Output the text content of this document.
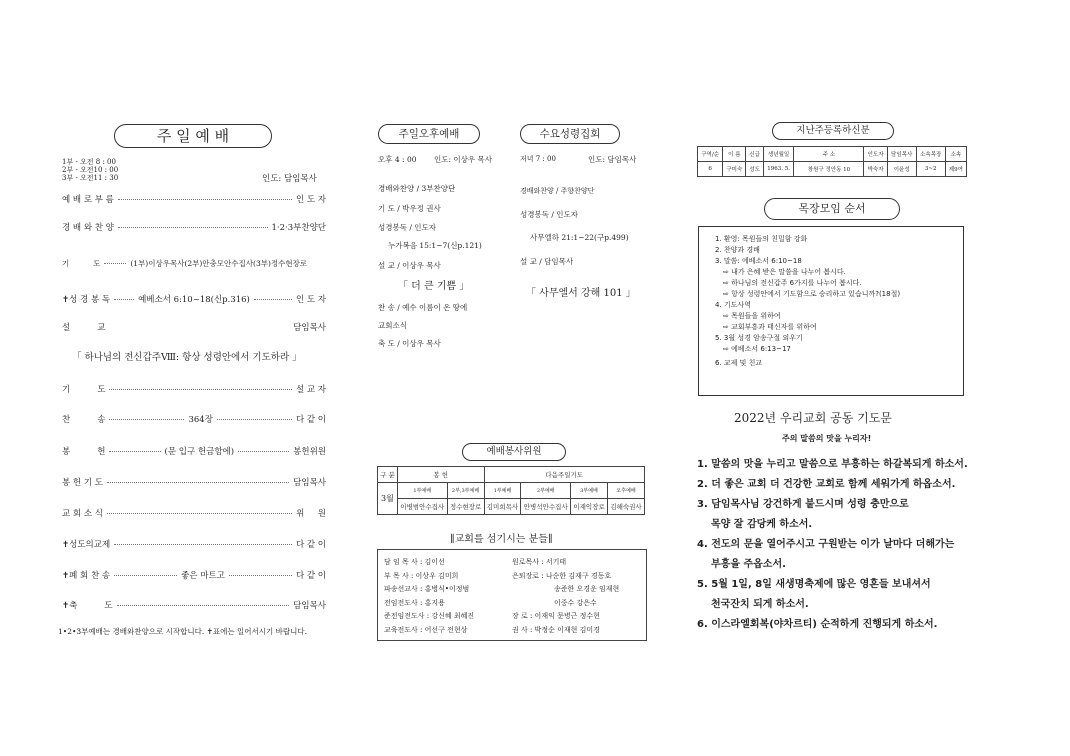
주 일 예 배
1부 - 오전 8 : 00
2부 - 오전10 : 00
3부 - 오전11 : 30	인도: 담임목사
예 배 로 부 름	인 도 자
경 배 와 찬 양	1·2·3부찬양단
기          도	(1부)이상우목사(2부)안충모안수집사(3부)정수현장로
✝성 경 봉 독	예베소서 6:10~18(신p.316)	인 도 자
설          교	담임목사
「 하나님의 전신갑주Ⅷ: 항상 성령안에서 기도하라 」
기          도	설 교 자
찬          송	364장	다 같 이
봉          헌	(문 입구 헌금함에)	봉헌위원
봉 헌 기 도	담임목사
교 회 소 식	위     원
✝성도의교제	다 같 이
✝폐 회 찬 송	좋은 마트고	다 같 이
✝축          도	담임목사
1•2•3부예배는 경배와찬양으로 시작합니다. ✝표에는 일어서시기 바랍니다.
주일오후예배
오후 4 : 00 인도: 이상우 목사
경배와찬양 / 3부찬양단
기 도 / 박우정 권사
성경봉독 / 인도자
누가복음 15:1~7(신p.121)
설 교 / 이상우 목사
「 더 큰 기쁨 」
찬 송 / 예수 이름이 온 땅에
교회소식
축 도 / 이상우 목사
수요성령집회
저녁 7 : 00	인도: 담임목사
경배와찬양 / 주향찬양단
성경봉독 / 인도자
사무엘하 21:1~22(구p.499)
설 교 / 담임목사
「 사무엘서 강해 101 」
예배봉사위원
구 분	봉 헌		다음주일기도			
3월	1부예배	2부,3부예배	1부예배	2부예배	3부예배	오후예배
	이병범안수집사	정수현장로	김미희목사	안병석안수집사	이재익장로	김해숙권사
∥교회를 섬기시는 분들∥
담 임 목 사 : 김이선
부 목 사 : 이상우 김미희
파송선교사 : 홍병식•이정범
전임전도사 : 홍지용
준전임전도사 : 강신혜 최혜진
교육전도사 : 어선구 전현상
원로목사 : 서기태
은퇴장로 : 나순한 김재구 경동호
송준한 오경운 임재현
이중수 강은수
장 로 : 이재익 문병근 정수현
권 사 : 박정순 이재현 김미경
지난주등록하신분
구역/순	이 름	신급	생년월일	주 소	인도자	담임목사	소속목장	소속
6	구미숙	성도	1963. 5.	창원구 정안동 10	박숙자	이윤성	3~2	제9여
목장모임 순서
1. 환영: 목원들의 친밀함 강화
2. 찬양과 경배
3. 말씀: 에베소서 6:10~18
⇨ 내가 은혜 받은 말씀을 나누어 봅시다.
⇨ 하나님의 전신갑주 6가지를 나누어 봅시다.
⇨ 항상 성령안에서 기도함으로 승리하고 있습니까?(18절)
4. 기도사역
⇨ 목원들을 위하여
⇨ 교회부흥과 태신자를 위하여
5. 3월 성경 암송구절 외우기
⇨ 에베소서 6:13~17
6. 교제 및 친교
2022년 우리교회 공동 기도문
주의 말씀의 맛을 누리자!
1. 말씀의 맛을 누리고 말씀으로 부흥하는 하갈복되게 하소서.
2. 더 좋은 교회 더 건강한 교회로 함께 세워가게 하옵소서.
3. 담임목사님 강건하게 붙드시며 성령 충만으로
목양 잘 감당케 하소서.
4. 전도의 문을 열어주시고 구원받는 이가 날마다 더해가는
부흥을 주옵소서.
5. 5월 1일, 8일 새생명축제에 많은 영혼들 보내셔서
천국잔치 되게 하소서.
6. 이스라엘회복(야차르티) 순적하게 진행되게 하소서.
